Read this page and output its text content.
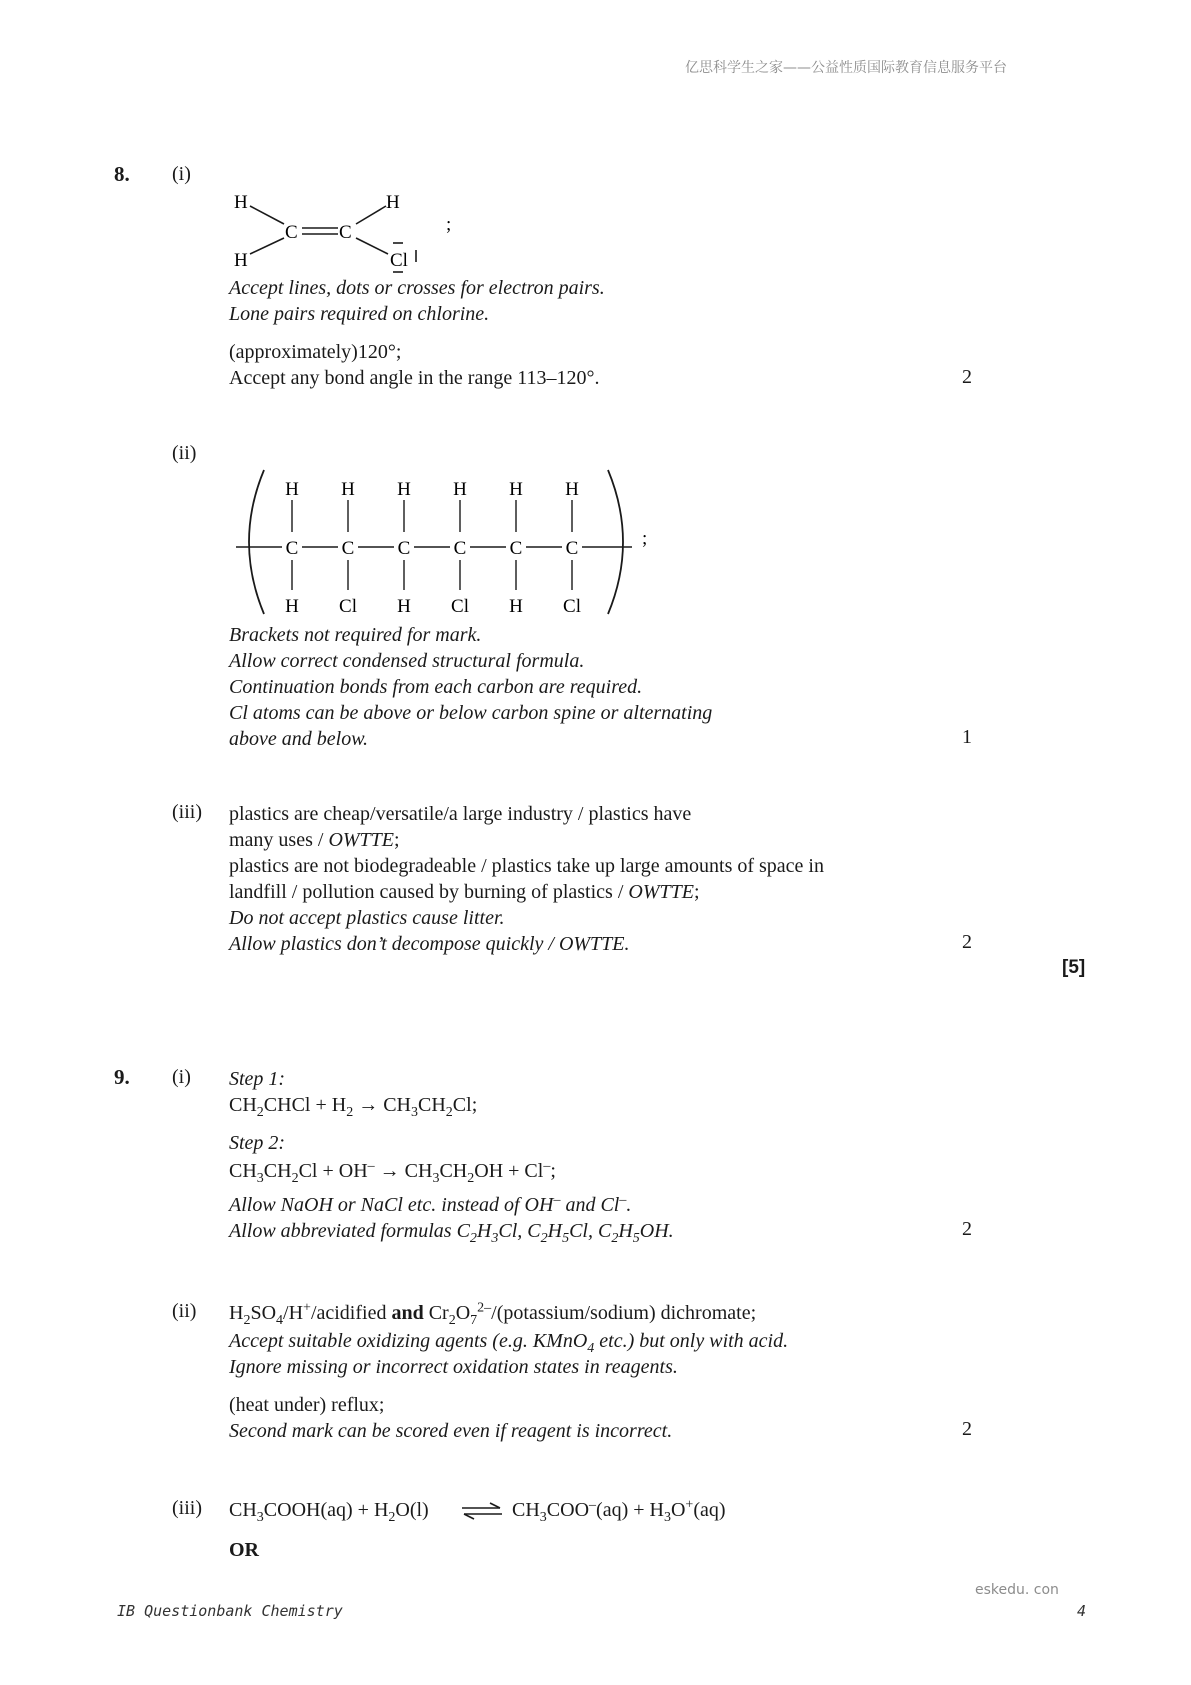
亿思科学生之家——公益性质国际教育信息服务平台
8. (i)
H
H
C C
H
Cl
;
Accept lines, dots or crosses for electron pairs.
Lone pairs required on chlorine.
(approximately)120°;
Accept any bond angle in the range 113–120°.	2
(ii)
H H H H H H
C C C C C C
H Cl H Cl H Cl
;
Brackets not required for mark.
Allow correct condensed structural formula.
Continuation bonds from each carbon are required.
Cl atoms can be above or below carbon spine or alternating
above and below.	1
(iii) plastics are cheap/versatile/a large industry / plastics have
many uses / OWTTE;
plastics are not biodegradeable / plastics take up large amounts of space in
landfill / pollution caused by burning of plastics / OWTTE;
Do not accept plastics cause litter.
Allow plastics don’t decompose quickly / OWTTE.	2
[5]
9. (i) Step 1:
$CH_2CHCl + H_2 \to CH_3CH_2Cl$;
Step 2:
$CH_3CH_2Cl + OH^- \to CH_3CH_2OH + Cl^-$;
Allow NaOH or NaCl etc. instead of OH– and Cl–.
Allow abbreviated formulas $C_2H_3Cl$, $C_2H_5Cl$, $C_2H_5OH$.	2
(ii) $H_2SO_4/H^+$/acidified and $Cr_2O_7^{2-}/(potassium/sodium)$ dichromate;
Accept suitable oxidizing agents (e.g. KMnO$_4$ etc.) but only with acid.
Ignore missing or incorrect oxidation states in reagents.
(heat under) reflux;
Second mark can be scored even if reagent is incorrect.	2
(iii) $CH_3COOH(aq) + H_2O(l)$ ⇌ $CH_3COO^-(aq) + H_3O^+(aq)$
OR
eskedu. con
IB Questionbank Chemistry	4
